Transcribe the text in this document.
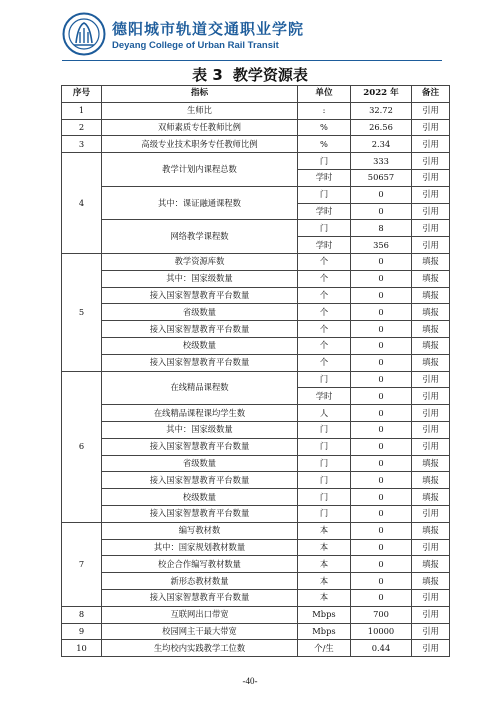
德阳城市轨道交通职业学院
Deyang College of Urban Rail Transit
表 3 教学资源表
序号	指标	单位	2022 年	备注
1	生师比	:	32.72	引用
2	双师素质专任教师比例	%	26.56	引用
3	高级专业技术职务专任教师比例	%	2.34	引用
4	教学计划内课程总数	门	333	引用
		学时	50657	引用
	其中：课证融通课程数	门	0	引用
		学时	0	引用
	网络教学课程数	门	8	引用
		学时	356	引用
5	教学资源库数	个	0	填报
	其中：国家级数量	个	0	填报
	接入国家智慧教育平台数量	个	0	填报
	省级数量	个	0	填报
	接入国家智慧教育平台数量	个	0	填报
	校级数量	个	0	填报
	接入国家智慧教育平台数量	个	0	填报
6	在线精品课程数	门	0	引用
		学时	0	引用
	在线精品课程课均学生数	人	0	引用
	其中：国家级数量	门	0	引用
	接入国家智慧教育平台数量	门	0	引用
	省级数量	门	0	填报
	接入国家智慧教育平台数量	门	0	填报
	校级数量	门	0	填报
	接入国家智慧教育平台数量	门	0	引用
7	编写教材数	本	0	填报
	其中：国家规划教材数量	本	0	引用
	校企合作编写教材数量	本	0	填报
	新形态教材数量	本	0	填报
	接入国家智慧教育平台数量	本	0	引用
8	互联网出口带宽	Mbps	700	引用
9	校园网主干最大带宽	Mbps	10000	引用
10	生均校内实践教学工位数	个/生	0.44	引用
-40-
